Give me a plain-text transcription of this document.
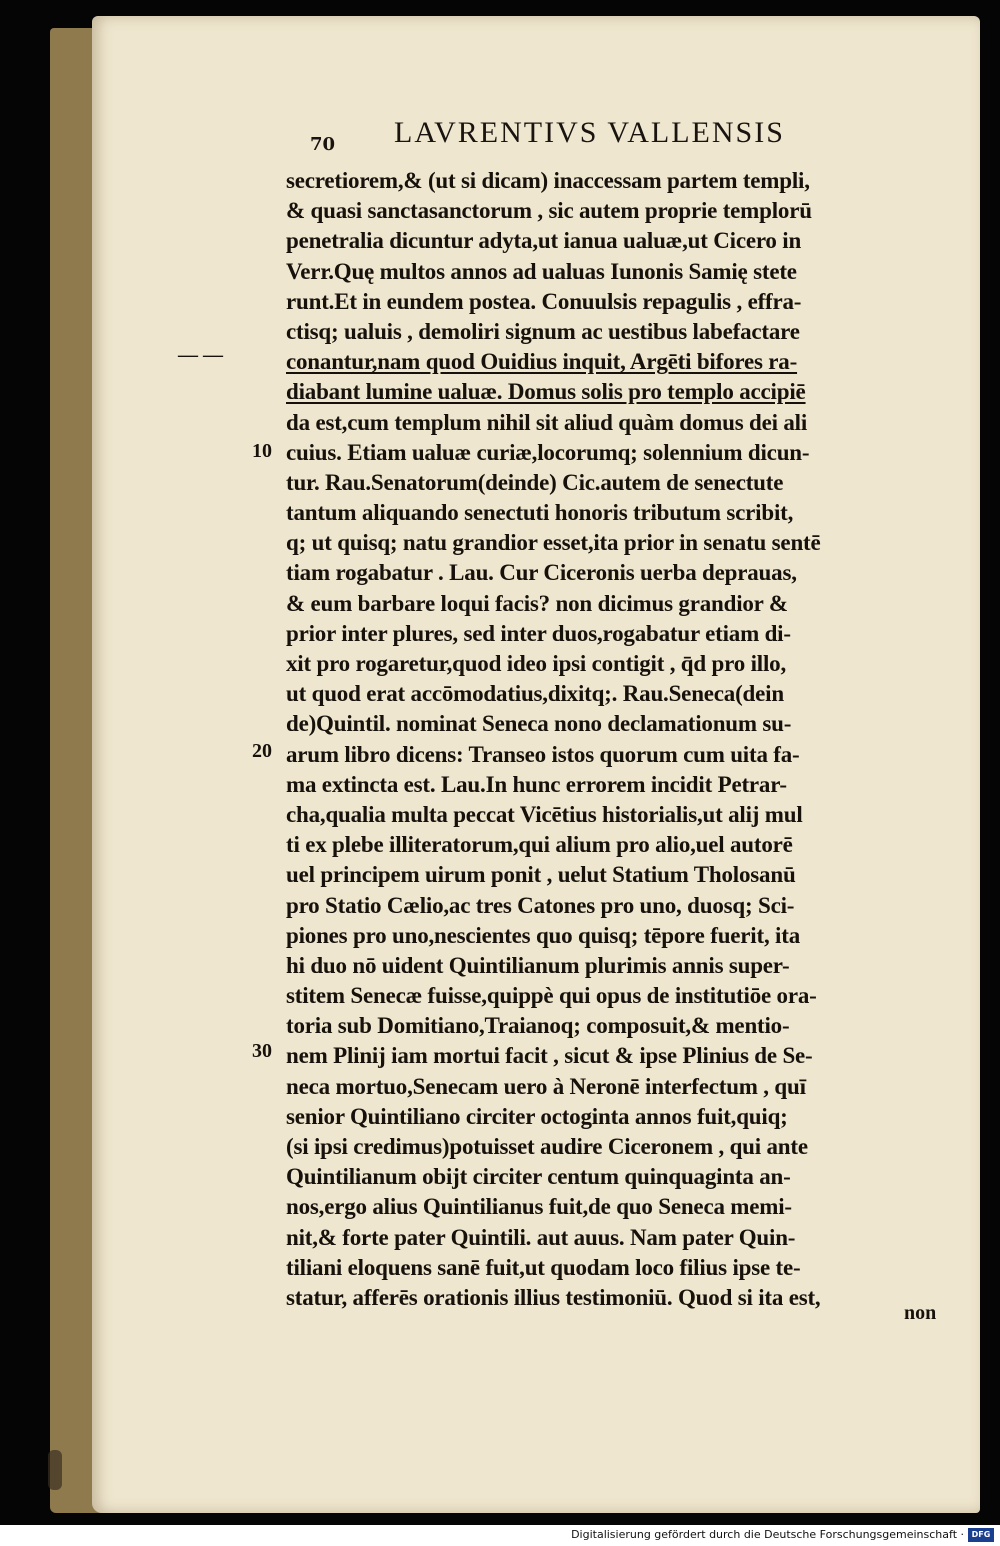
70 LAVRENTIVS VALLENSIS
secretiorem,& (ut si dicam) inaccessam partem templi,
& quasi sanctasanctorum , sic autem proprie templorū
penetralia dicuntur adyta,ut ianua ualuæ,ut Cicero in
Verr.Quę multos annos ad ualuas Iunonis Samię stete
runt.Et in eundem postea. Conuulsis repagulis , effra-
ctisq; ualuis , demoliri signum ac uestibus labefactare
conantur,nam quod Ouidius inquit, Argēti bifores ra-
diabant lumine ualuæ. Domus solis pro templo accipiē
da est,cum templum nihil sit aliud quàm domus dei ali
cuius. Etiam ualuæ curiæ,locorumq; solennium dicun-
tur. Rau.Senatorum(deinde) Cic.autem de senectute
tantum aliquando senectuti honoris tributum scribit,
q; ut quisq; natu grandior esset,ita prior in senatu sentē
tiam rogabatur . Lau. Cur Ciceronis uerba deprauas,
& eum barbare loqui facis? non dicimus grandior &
prior inter plures, sed inter duos,rogabatur etiam di-
xit pro rogaretur,quod ideo ipsi contigit , q̄d pro illo,
ut quod erat accōmodatius,dixitq;. Rau.Seneca(dein
de)Quintil. nominat Seneca nono declamationum su-
arum libro dicens: Transeo istos quorum cum uita fa-
ma extincta est. Lau.In hunc errorem incidit Petrar-
cha,qualia multa peccat Vicētius historialis,ut alij mul
ti ex plebe illiteratorum,qui alium pro alio,uel autorē
uel principem uirum ponit , uelut Statium Tholosanū
pro Statio Cælio,ac tres Catones pro uno, duosq; Sci-
piones pro uno,nescientes quo quisq; tēpore fuerit, ita
hi duo nō uident Quintilianum plurimis annis super-
stitem Senecæ fuisse,quippè qui opus de institutiōe ora-
toria sub Domitiano,Traianoq; composuit,& mentio-
nem Plinij iam mortui facit , sicut & ipse Plinius de Se-
neca mortuo,Senecam uero à Neronē interfectum , quī
senior Quintiliano circiter octoginta annos fuit,quiq;
(si ipsi credimus)potuisset audire Ciceronem , qui ante
Quintilianum obijt circiter centum quinquaginta an-
nos,ergo alius Quintilianus fuit,de quo Seneca memi-
nit,& forte pater Quintili. aut auus. Nam pater Quin-
tiliani eloquens sanē fuit,ut quodam loco filius ipse te-
statur, afferēs orationis illius testimoniū. Quod si ita est,
— —
10
20
30
non
Digitalisierung gefördert durch die Deutsche Forschungsgemeinschaft · DFG
